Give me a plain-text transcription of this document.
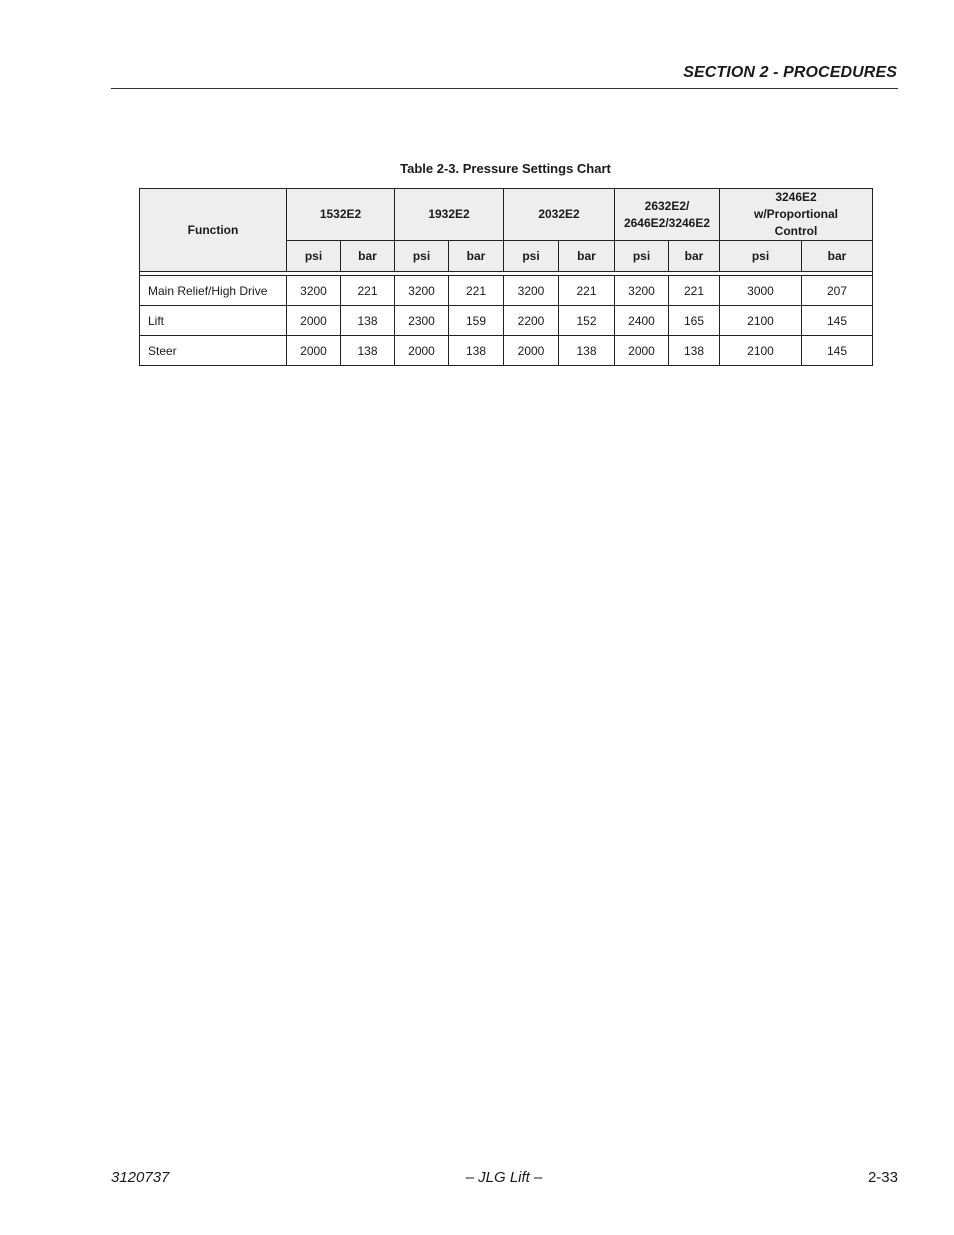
SECTION 2 - PROCEDURES
Table 2-3. Pressure Settings Chart
Function	1532E2		1932E2		2032E2		2632E2/
2646E2/3246E2		3246E2 w/Proportional Control	
	psi	bar	psi	bar	psi	bar	psi	bar	psi	bar

Main Relief/High Drive	3200	221	3200	221	3200	221	3200	221	3000	207
Lift	2000	138	2300	159	2200	152	2400	165	2100	145
Steer	2000	138	2000	138	2000	138	2000	138	2100	145
3120737	– JLG Lift –	2-33
